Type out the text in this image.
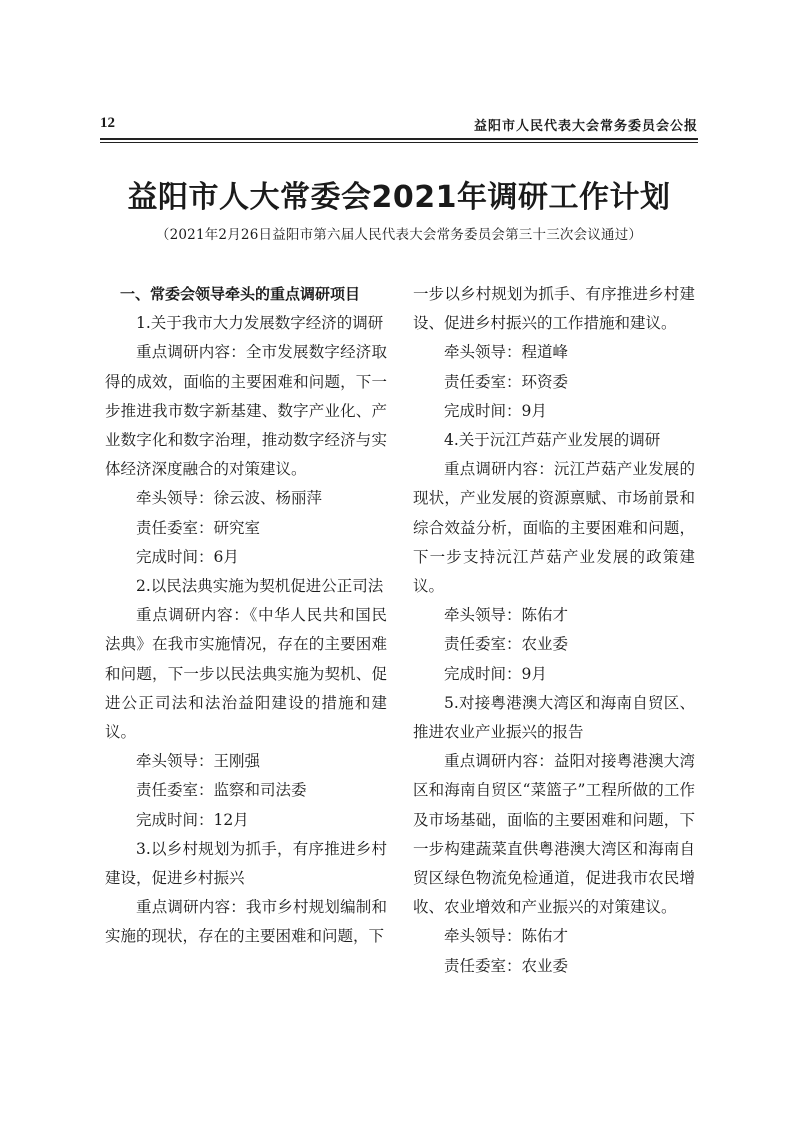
12	益阳市人民代表大会常务委员会公报
益阳市人大常委会2021年调研工作计划
（2021年2月26日益阳市第六届人民代表大会常务委员会第三十三次会议通过）

一、常委会领导牵头的重点调研项目

1.关于我市大力发展数字经济的调研

重点调研内容：全市发展数字经济取得的成效，面临的主要困难和问题，下一步推进我市数字新基建、数字产业化、产业数字化和数字治理，推动数字经济与实体经济深度融合的对策建议。

牵头领导：徐云波、杨丽萍

责任委室：研究室

完成时间：6月

2.以民法典实施为契机促进公正司法

重点调研内容：《中华人民共和国民法典》在我市实施情况，存在的主要困难和问题，下一步以民法典实施为契机、促进公正司法和法治益阳建设的措施和建议。

牵头领导：王刚强

责任委室：监察和司法委

完成时间：12月

3.以乡村规划为抓手，有序推进乡村建设，促进乡村振兴

重点调研内容：我市乡村规划编制和实施的现状，存在的主要困难和问题，下

一步以乡村规划为抓手、有序推进乡村建设、促进乡村振兴的工作措施和建议。

牵头领导：程道峰

责任委室：环资委

完成时间：9月

4.关于沅江芦菇产业发展的调研

重点调研内容：沅江芦菇产业发展的现状，产业发展的资源禀赋、市场前景和综合效益分析，面临的主要困难和问题，下一步支持沅江芦菇产业发展的政策建议。

牵头领导：陈佑才

责任委室：农业委

完成时间：9月

5.对接粤港澳大湾区和海南自贸区、推进农业产业振兴的报告

重点调研内容：益阳对接粤港澳大湾区和海南自贸区“菜篮子”工程所做的工作及市场基础，面临的主要困难和问题，下一步构建蔬菜直供粤港澳大湾区和海南自贸区绿色物流免检通道，促进我市农民增收、农业增效和产业振兴的对策建议。

牵头领导：陈佑才

责任委室：农业委
